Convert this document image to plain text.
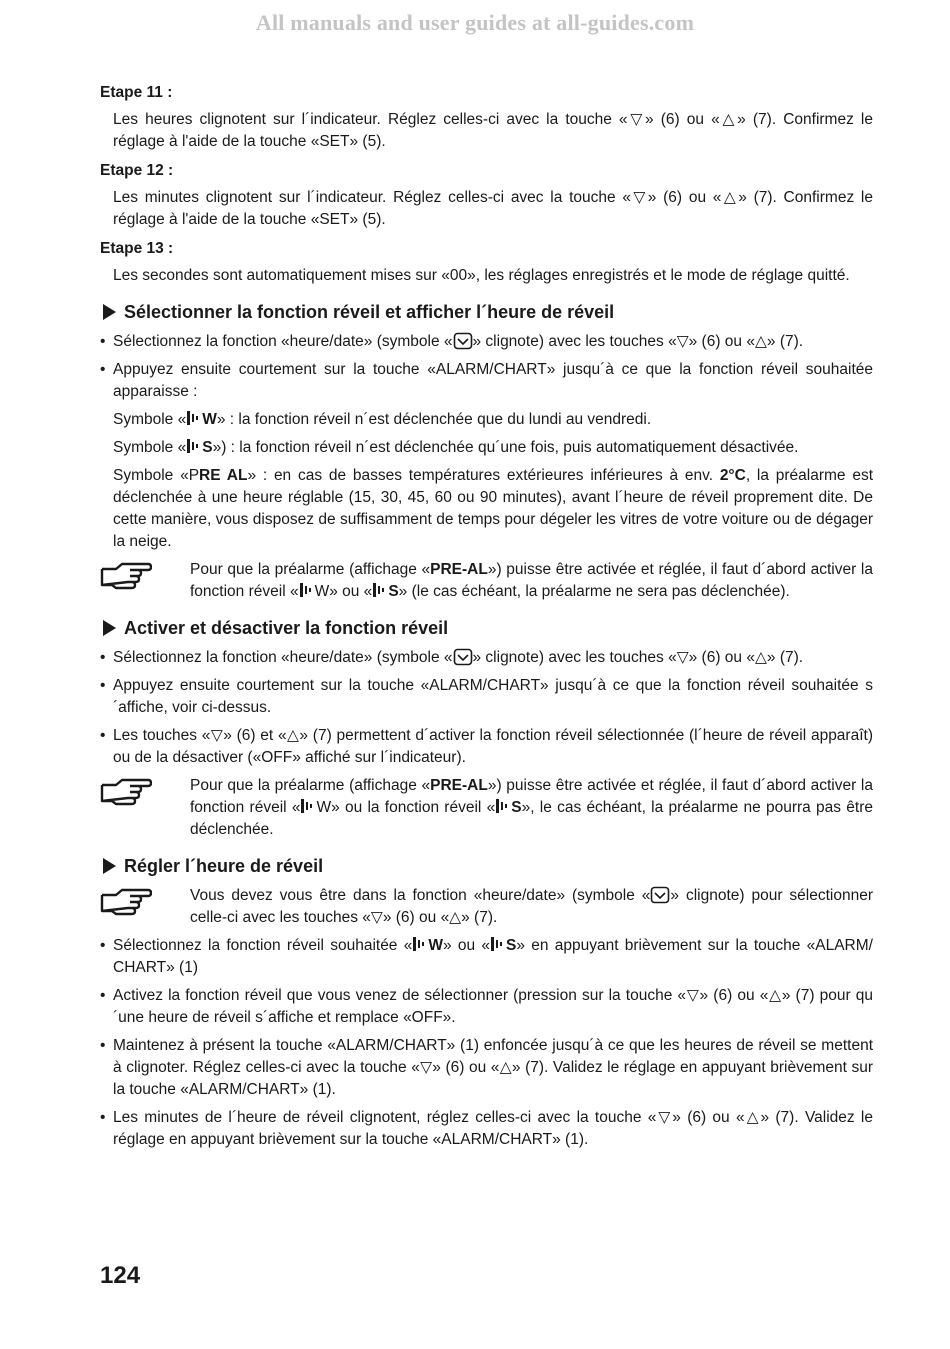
All manuals and user guides at all-guides.com
Etape 11 :
Les heures clignotent sur l´indicateur. Réglez celles-ci avec la touche «▽» (6) ou «△» (7). Confirmez le réglage à l'aide de la touche «SET» (5).
Etape 12 :
Les minutes clignotent sur l´indicateur. Réglez celles-ci avec la touche «▽» (6) ou «△» (7). Confirmez le réglage à l'aide de la touche «SET» (5).
Etape 13 :
Les secondes sont automatiquement mises sur «00», les réglages enregistrés et le mode de réglage quitté.
Sélectionner la fonction réveil et afficher l´heure de réveil
• Sélectionnez la fonction «heure/date» (symbole « » clignote) avec les touches «▽» (6) ou «△» (7).
• Appuyez ensuite courtement sur la touche «ALARM/CHART» jusqu´à ce que la fonction réveil souhaitée apparaisse :
Symbole « W» : la fonction réveil n´est déclenchée que du lundi au vendredi.
Symbole « S») : la fonction réveil n´est déclenchée qu´une fois, puis automatiquement désactivée.
Symbole «PRE AL» : en cas de basses températures extérieures inférieures à env. 2°C, la préalarme est déclenchée à une heure réglable (15, 30, 45, 60 ou 90 minutes), avant l´heure de réveil proprement dite. De cette manière, vous disposez de suffisamment de temps pour dégeler les vitres de votre voiture ou de dégager la neige.
Pour que la préalarme (affichage «PRE-AL») puisse être activée et réglée, il faut d´abord activer la fonction réveil « W» ou « S» (le cas échéant, la préalarme ne sera pas déclenchée).
Activer et désactiver la fonction réveil
• Sélectionnez la fonction «heure/date» (symbole « » clignote) avec les touches «▽» (6) ou «△» (7).
• Appuyez ensuite courtement sur la touche «ALARM/CHART» jusqu´à ce que la fonction réveil souhaitée s´affiche, voir ci-dessus.
• Les touches «▽» (6) et «△» (7) permettent d´activer la fonction réveil sélectionnée (l´heure de réveil apparaît) ou de la désactiver («OFF» affiché sur l´indicateur).
Pour que la préalarme (affichage «PRE-AL») puisse être activée et réglée, il faut d´abord activer la fonction réveil « W» ou la fonction réveil « S», le cas échéant, la préalarme ne pourra pas être déclenchée.
Régler l´heure de réveil
Vous devez vous être dans la fonction «heure/date» (symbole « » clignote) pour sélectionner celle-ci avec les touches «▽» (6) ou «△» (7).
• Sélectionnez la fonction réveil souhaitée « W» ou « S» en appuyant brièvement sur la touche «ALARM/ CHART» (1)
• Activez la fonction réveil que vous venez de sélectionner (pression sur la touche «▽» (6) ou «△» (7) pour qu´une heure de réveil s´affiche et remplace «OFF».
• Maintenez à présent la touche «ALARM/CHART» (1) enfoncée jusqu´à ce que les heures de réveil se mettent à clignoter. Réglez celles-ci avec la touche «▽» (6) ou «△» (7). Validez le réglage en appuyant brièvement sur la touche «ALARM/CHART» (1).
• Les minutes de l´heure de réveil clignotent, réglez celles-ci avec la touche «▽» (6) ou «△» (7). Validez le réglage en appuyant brièvement sur la touche «ALARM/CHART» (1).
124
